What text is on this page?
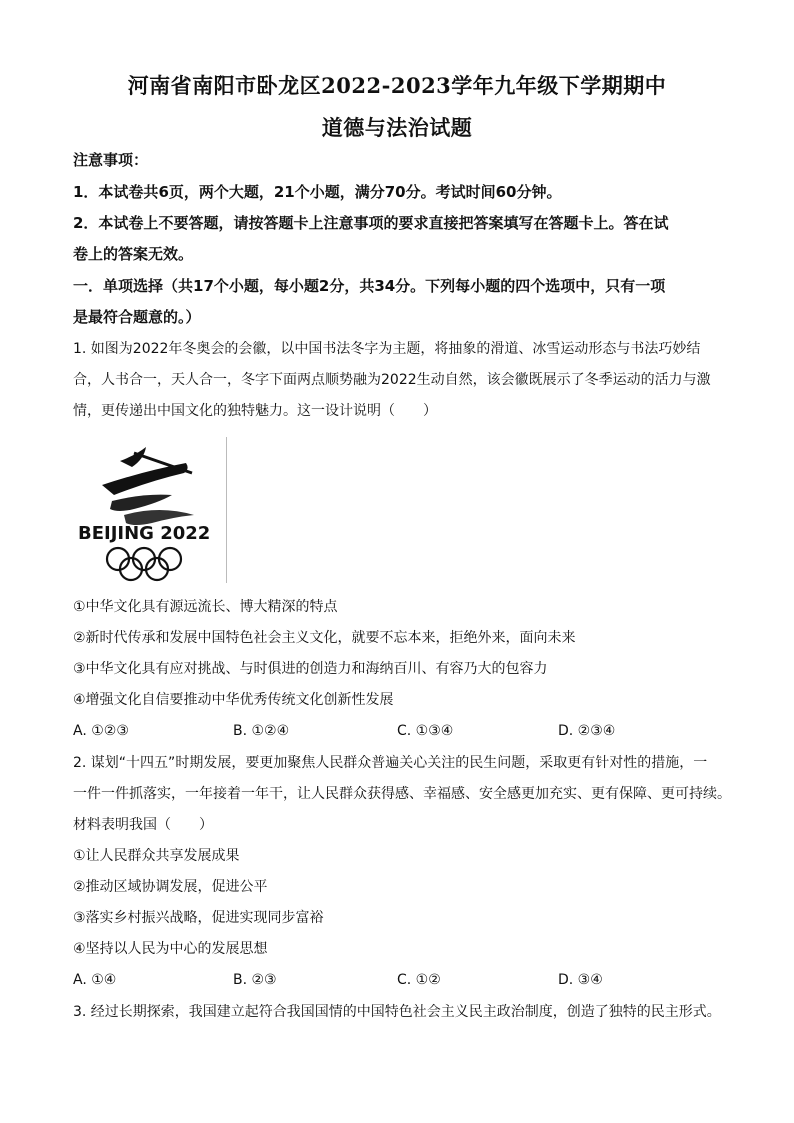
河南省南阳市卧龙区2022-2023学年九年级下学期期中
道德与法治试题
注意事项：
1．本试卷共6页，两个大题，21个小题，满分70分。考试时间60分钟。
2．本试卷上不要答题，请按答题卡上注意事项的要求直接把答案填写在答题卡上。答在试
卷上的答案无效。
一．单项选择（共17个小题，每小题2分，共34分。下列每小题的四个选项中，只有一项
是最符合题意的。）
1. 如图为2022年冬奥会的会徽，以中国书法冬字为主题，将抽象的滑道、冰雪运动形态与书法巧妙结
合，人书合一，天人合一，冬字下面两点顺势融为2022生动自然，该会徽既展示了冬季运动的活力与激
情，更传递出中国文化的独特魅力。这一设计说明（　　）
BEIJING 2022
①中华文化具有源远流长、博大精深的特点
②新时代传承和发展中国特色社会主义文化，就要不忘本来，拒绝外来，面向未来
③中华文化具有应对挑战、与时俱进的创造力和海纳百川、有容乃大的包容力
④增强文化自信要推动中华优秀传统文化创新性发展
A. ①②③	B. ①②④	C. ①③④	D. ②③④
2. 谋划“十四五”时期发展，要更加聚焦人民群众普遍关心关注的民生问题，采取更有针对性的措施，一
一件一件抓落实，一年接着一年干，让人民群众获得感、幸福感、安全感更加充实、更有保障、更可持续。
材料表明我国（　　）
①让人民群众共享发展成果
②推动区域协调发展，促进公平
③落实乡村振兴战略，促进实现同步富裕
④坚持以人民为中心的发展思想
A. ①④	B. ②③	C. ①②	D. ③④
3. 经过长期探索，我国建立起符合我国国情的中国特色社会主义民主政治制度，创造了独特的民主形式。
